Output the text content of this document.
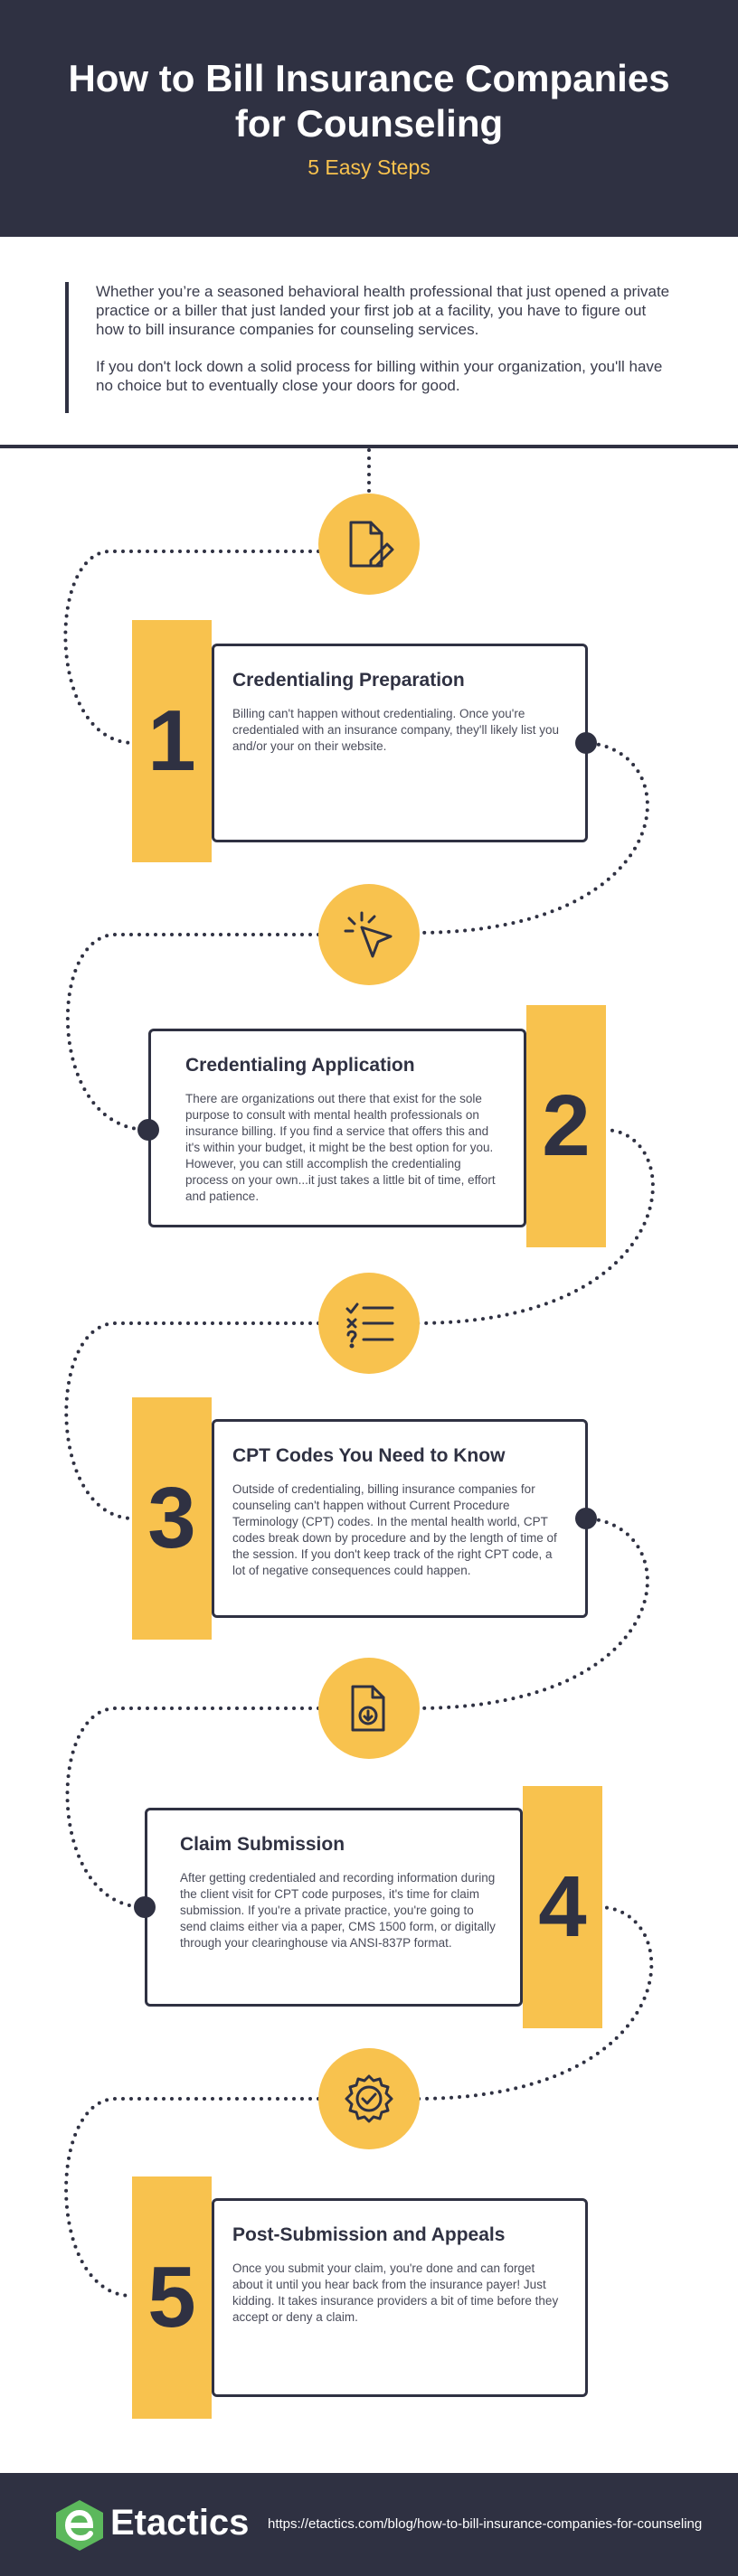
How to Bill Insurance Companies
for Counseling
5 Easy Steps

Whether you’re a seasoned behavioral health professional that just opened a private practice or a biller that just landed your first job at a facility, you have to figure out how to bill insurance companies for counseling services.

If you don't lock down a solid process for billing within your organization, you'll have no choice but to eventually close your doors for good.

1
Credentialing Preparation

Billing can't happen without credentialing. Once you're credentialed with an insurance company, they'll likely list you and/or your on their website.

Credentialing Application

There are organizations out there that exist for the sole purpose to consult with mental health professionals on insurance billing. If you find a service that offers this and it's within your budget, it might be the best option for you. However, you can still accomplish the credentialing process on your own...it just takes a little bit of time, effort and patience.

2
3
CPT Codes You Need to Know

Outside of credentialing, billing insurance companies for counseling can't happen without Current Procedure Terminology (CPT) codes. In the mental health world, CPT codes break down by procedure and by the length of time of the session. If you don't keep track of the right CPT code, a lot of negative consequences could happen.

Claim Submission

After getting credentialed and recording information during the client visit for CPT code purposes, it's time for claim submission. If you're a private practice, you're going to send claims either via a paper, CMS 1500 form, or digitally through your clearinghouse via ANSI-837P format. 4
5
Post-Submission and Appeals

Once you submit your claim, you're done and can forget about it until you hear back from the insurance payer! Just kidding. It takes insurance providers a bit of time before they accept or deny a claim.

Etactics https://etactics.com/blog/how-to-bill-insurance-companies-for-counseling
